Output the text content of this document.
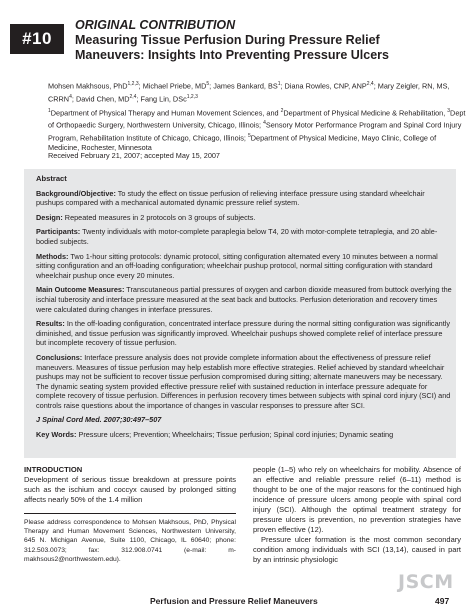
#10

ORIGINAL CONTRIBUTION

Measuring Tissue Perfusion During Pressure Relief

Maneuvers: Insights Into Preventing Pressure Ulcers

Mohsen Makhsous, PhD$^{1,2,3}$; Michael Priebe, $MD^5$; James Bankard, $BS^1$; Diana Rowles, CNP, ANP$^{2,4}$; Mary Zeigler, RN, MS, CRRN$^4$; David Chen, MD$^{2,4}$; Fang Lin, DSc$^{1,2,3}$
$^1$Department of Physical Therapy and Human Movement Sciences, and $^2$Department of Physical Medicine & Rehabilitation, $^3$Dept of Orthopaedic Surgery, Northwestern University, Chicago, Illinois; $^4$Sensory Motor Performance Program and Spinal Cord Injury Program, Rehabilitation Institute of Chicago, Chicago, Illinois; $^5$Department of Physical Medicine, Mayo Clinic, College of Medicine, Rochester, Minnesota
Received February 21, 2007; accepted May 15, 2007

Abstract

Background/Objective: To study the effect on tissue perfusion of relieving interface pressure using standard wheelchair pushups compared with a mechanical automated dynamic pressure relief system.

Design: Repeated measures in 2 protocols on 3 groups of subjects.

Participants: Twenty individuals with motor-complete paraplegia below T4, 20 with motor-complete tetraplegia, and 20 able-bodied subjects.

Methods: Two 1-hour sitting protocols: dynamic protocol, sitting configuration alternated every 10 minutes between a normal sitting configuration and an off-loading configuration; wheelchair pushup protocol, normal sitting configuration with standard wheelchair pushup once every 20 minutes.

Main Outcome Measures: Transcutaneous partial pressures of oxygen and carbon dioxide measured from buttock overlying the ischial tuberosity and interface pressure measured at the seat back and buttocks. Perfusion deterioration and recovery times were calculated during changes in interface pressures.

Results: In the off-loading configuration, concentrated interface pressure during the normal sitting configuration was significantly diminished, and tissue perfusion was significantly improved. Wheelchair pushups showed complete relief of interface pressure but incomplete recovery of tissue perfusion.

Conclusions: Interface pressure analysis does not provide complete information about the effectiveness of pressure relief maneuvers. Measures of tissue perfusion may help establish more effective strategies. Relief achieved by standard wheelchair pushups may not be sufficient to recover tissue perfusion compromised during sitting; alternate maneuvers may be necessary. The dynamic seating system provided effective pressure relief with sustained reduction in interface pressure adequate for complete recovery of tissue perfusion. Differences in perfusion recovery times between subjects with spinal cord injury (SCI) and controls raise questions about the importance of changes in vascular responses to pressure after SCI.

J Spinal Cord Med. 2007;30:497–507

Key Words: Pressure ulcers; Prevention; Wheelchairs; Tissue perfusion; Spinal cord injuries; Dynamic seating

INTRODUCTION

Development of serious tissue breakdown at pressure points such as the ischium and coccyx caused by prolonged sitting affects nearly 50% of the 1.4 million

Please address correspondence to Mohsen Makhsous, PhD, Physical Therapy and Human Movement Sciences, Northwestern University, 645 N. Michigan Avenue, Suite 1100, Chicago, IL 60640; phone: 312.503.0073; fax: 312.908.0741 (e-mail: m-makhsous2@northwestern.edu).

people (1–5) who rely on wheelchairs for mobility. Absence of an effective and reliable pressure relief (6–11) method is thought to be one of the major reasons for the continued high incidence of pressure ulcers among people with spinal cord injury (SCI). Although the optimal treatment strategy for pressure ulcers is prevention, no prevention strategies have proven effective (12).

Pressure ulcer formation is the most common secondary condition among individuals with SCI (13,14), caused in part by an intrinsic physiologic

JSCM
Perfusion and Pressure Relief Maneuvers	497
